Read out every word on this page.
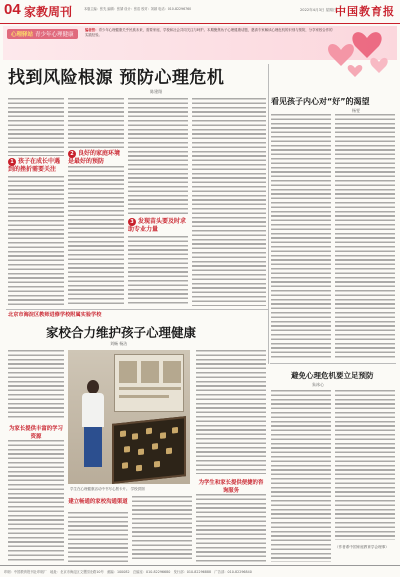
04 家教周刊	本版主编：张先 编辑：张婧 设计：张浩 校对：刘颖 电话：010-82296760	2022年4月3日 星期日
中国教育报
心理驿站 青少年心理健康
编者按：青少年心理健康关乎民族未来，需要家庭、学校和社会共同关注与呵护。本期聚焦孩子心理健康话题，邀请专家解读心理危机的识别与预防，分享家校合作的实践经验。
找到风险根源 预防心理危机
陈建翔
1 孩子在成长中遇到的挫折需要关注
2 良好的家庭环境是最好的预防
3 发现苗头要及时求助专业力量
看见孩子内心对“好”的渴望
杨雯
北京市海淀区教师进修学校附属实验学校
家校合力维护孩子心理健康
刘畅 杨洁
为家长提供丰富的学习资源
学生在心理健康活动中书写心愿卡片。 学校供图
建立畅通的家校沟通渠道
为学生和家长提供便捷的咨询服务
避免心理危机要立足预防
朱冰心
（作者系中国家庭教育学会理事）
印刷：中国教育报刊社印刷厂　地址：北京市海淀区文慧园北路10号　邮编：100082　总编室：010-82296680　发行部：010-82296888　广告部：010-82296840
